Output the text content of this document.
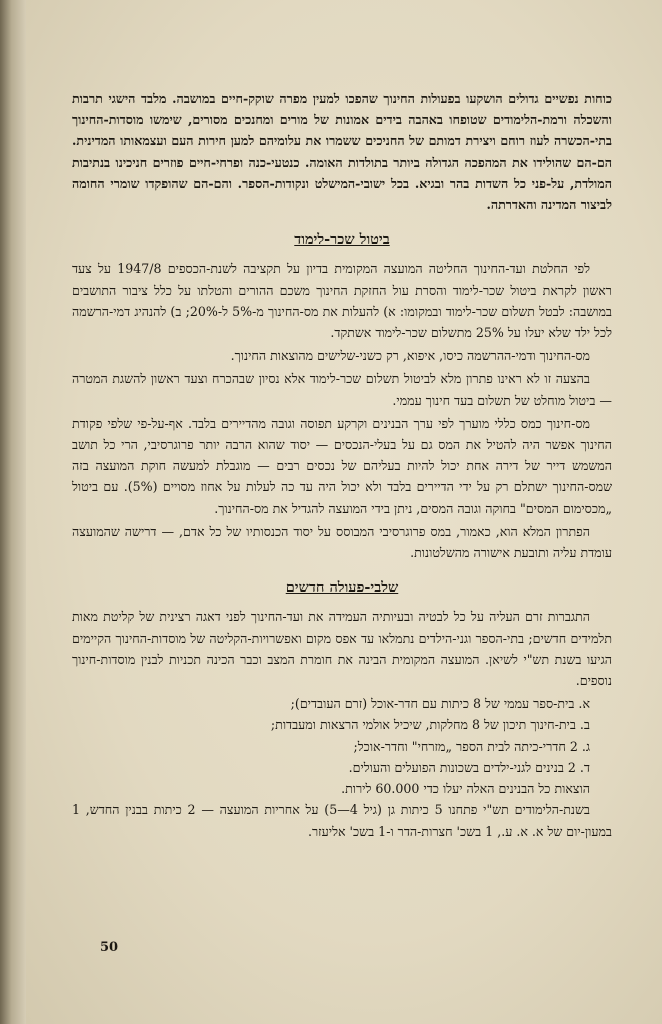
כוחות נפשיים גדולים הושקעו בפעולות החינוך שהפכו למעין מפרה שוקק-חיים במושבה. מלבד הישגי תרבות והשכלה ורמת-הלימודים שטופחו באהבה בידים אמונות של מורים ומחנכים מסורים, שימשו מוסדות-החינוך בתי-הכשרה לעוז רוחם ויצירת דמותם של החניכים ששמרו את עלומיהם למען חירות העם ועצמאותו המדינית. הם-הם שהולידו את המהפכה הגדולה ביותר בתולדות האומה. כנטעי-כנה ופרחי-חיים פוזרים חניכינו בנתיבות המולדת, על-פני כל השדות בהר ובגיא. בכל ישובי-המישלט ונקודות-הספר. והם-הם שהופקדו שומרי החומה לביצור המדינה והאדרתה.

ביטול שכר-לימוד

לפי החלטת ועד-החינוך החליטה המועצה המקומית בדיון על תקציבה לשנת-הכספים 1947/8 על צעד ראשון לקראת ביטול שכר-לימוד והסרת עול החזקת החינוך משכם ההורים והטלתו על כלל ציבור התושבים במושבה: לבטל תשלום שכר-לימוד ובמקומו: א) להעלות את מס-החינוך מ-5% ל-20%; ב) להנהיג דמי-הרשמה לכל ילד שלא יעלו על 25% מתשלום שכר-לימוד אשתקד.

מס-החינוך ודמי-ההרשמה כיסו, איפוא, רק כשני-שלישים מהוצאות החינוך.

בהצעה זו לא ראינו פתרון מלא לביטול תשלום שכר-לימוד אלא נסיון שבהכרח וצעד ראשון להשגת המטרה — ביטול מוחלט של תשלום בעד חינוך עממי.

מס-חינוך כמס כללי מוערך לפי ערך הבנינים וקרקע תפוסה וגובה מהדיירים בלבד. אף-על-פי שלפי פקודת החינוך אפשר היה להטיל את המס גם על בעלי-הנכסים — יסוד שהוא הרבה יותר פרוגרסיבי, הרי כל תושב המשמש דייר של דירה אחת יכול להיות בעליהם של נכסים רבים — מוגבלת למעשה חוקת המועצה בזה שמס-החינוך ישתלם רק על ידי הדיירים בלבד ולא יכול היה עד כה לעלות על אחוז מסויים (5%). עם ביטול „מכסימום המסים" בחוקה וגובה המסים, ניתן בידי המועצה להגדיל את מס-החינוך.

הפתרון המלא הוא, כאמור, במס פרוגרסיבי המבוסס על יסוד הכנסותיו של כל אדם, — דרישה שהמועצה עומדת עליה ותובעת אישורה מהשלטונות.

שלבי-פעולה חדשים

התגברות זרם העליה על כל לבטיה ובעיותיה העמידה את ועד-החינוך לפני דאגה רצינית של קליטת מאות תלמידים חדשים; בתי-הספר וגני-הילדים נתמלאו עד אפס מקום ואפשרויות-הקליטה של מוסדות-החינוך הקיימים הגיעו בשנת תש"י לשיאן. המועצה המקומית הבינה את חומרת המצב וכבר הכינה תכניות לבנין מוסדות-חינוך נוספים.

א. בית-ספר עממי של 8 כיתות עם חדר-אוכל (זרם העובדים);
ב. בית-חינוך תיכון של 8 מחלקות, שיכיל אולמי הרצאות ומעבדות;
ג. 2 חדרי-כיתה לבית הספר „מזרחי" וחדר-אוכל;
ד. 2 בנינים לגני-ילדים בשכונות הפועלים והעולים.
הוצאות כל הבנינים האלה יעלו כדי 60.000 לירות.

בשנת-הלימודים תש"י פתחנו 5 כיתות גן (גיל 4—5) על אחריות המועצה — 2 כיתות בבנין החדש, 1 במעון-יום של א. א. ע., 1 בשכ' חצרות-הדר ו-1 בשכ' אליעזר.

50
